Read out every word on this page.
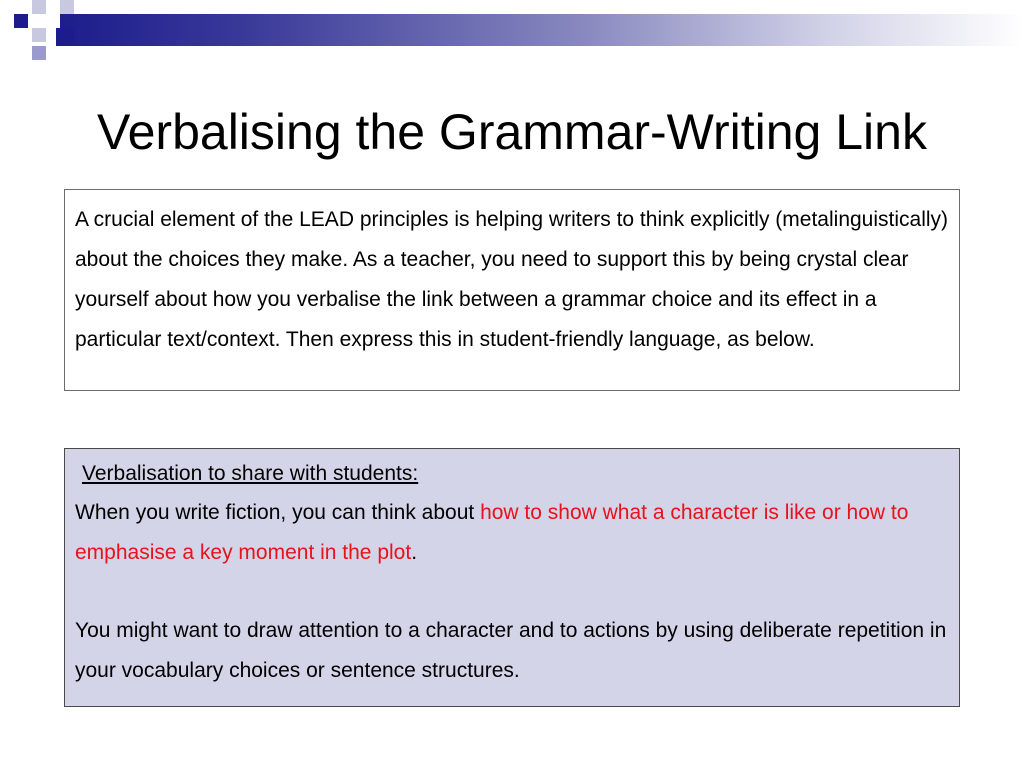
Verbalising the Grammar-Writing Link
A crucial element of the LEAD principles is helping writers to think explicitly (metalinguistically) about the choices they make. As a teacher, you need to support this by being crystal clear yourself about how you verbalise the link between a grammar choice and its effect in a particular text/context. Then express this in student-friendly language, as below.
Verbalisation to share with students:

When you write fiction, you can think about how to show what a character is like or how to emphasise a key moment in the plot.

You might want to draw attention to a character and to actions by using deliberate repetition in your vocabulary choices or sentence structures.
